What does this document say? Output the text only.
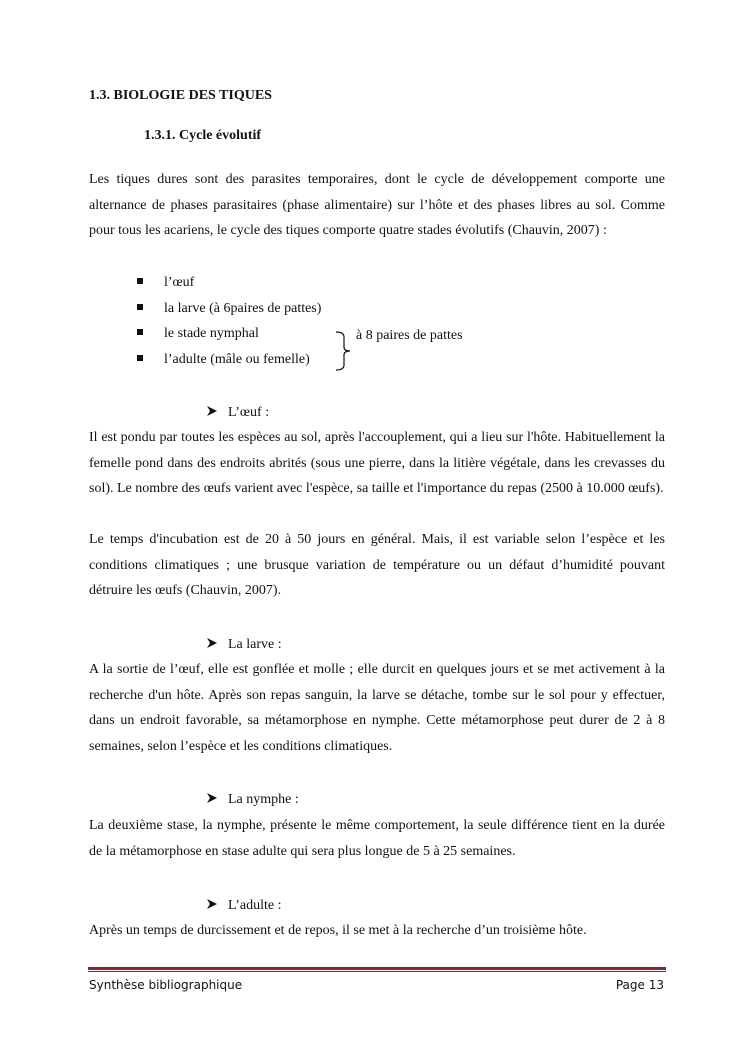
1.3. BIOLOGIE DES TIQUES
1.3.1. Cycle évolutif

Les tiques dures sont des parasites temporaires, dont le cycle de développement comporte une alternance de phases parasitaires (phase alimentaire) sur l’hôte et des phases libres au sol. Comme pour tous les acariens, le cycle des tiques comporte quatre stades évolutifs (Chauvin, 2007) :

l’œuf
la larve (à 6paires de pattes)
le stade nymphal
l’adulte (mâle ou femelle)
à 8 paires de pattes
L’œuf :

Il est pondu par toutes les espèces au sol, après l'accouplement, qui a lieu sur l'hôte. Habituellement la femelle pond dans des endroits abrités (sous une pierre, dans la litière végétale, dans les crevasses du sol). Le nombre des œufs varient avec l'espèce, sa taille et l'importance du repas (2500 à 10.000 œufs).

Le temps d'incubation est de 20 à 50 jours en général. Mais, il est variable selon l’espèce et les conditions climatiques ; une brusque variation de température ou un défaut d’humidité pouvant détruire les œufs (Chauvin, 2007).

La larve :

A la sortie de l’œuf, elle est gonflée et molle ; elle durcit en quelques jours et se met activement à la recherche d'un hôte. Après son repas sanguin, la larve se détache, tombe sur le sol pour y effectuer, dans un endroit favorable, sa métamorphose en nymphe. Cette métamorphose peut durer de 2 à 8 semaines, selon l’espèce et les conditions climatiques.

La nymphe :

La deuxième stase, la nymphe, présente le même comportement, la seule différence tient en la durée de la métamorphose en stase adulte qui sera plus longue de 5 à 25 semaines.

L’adulte :

Après un temps de durcissement et de repos, il se met à la recherche d’un troisième hôte.

Synthèse bibliographique	Page 13
